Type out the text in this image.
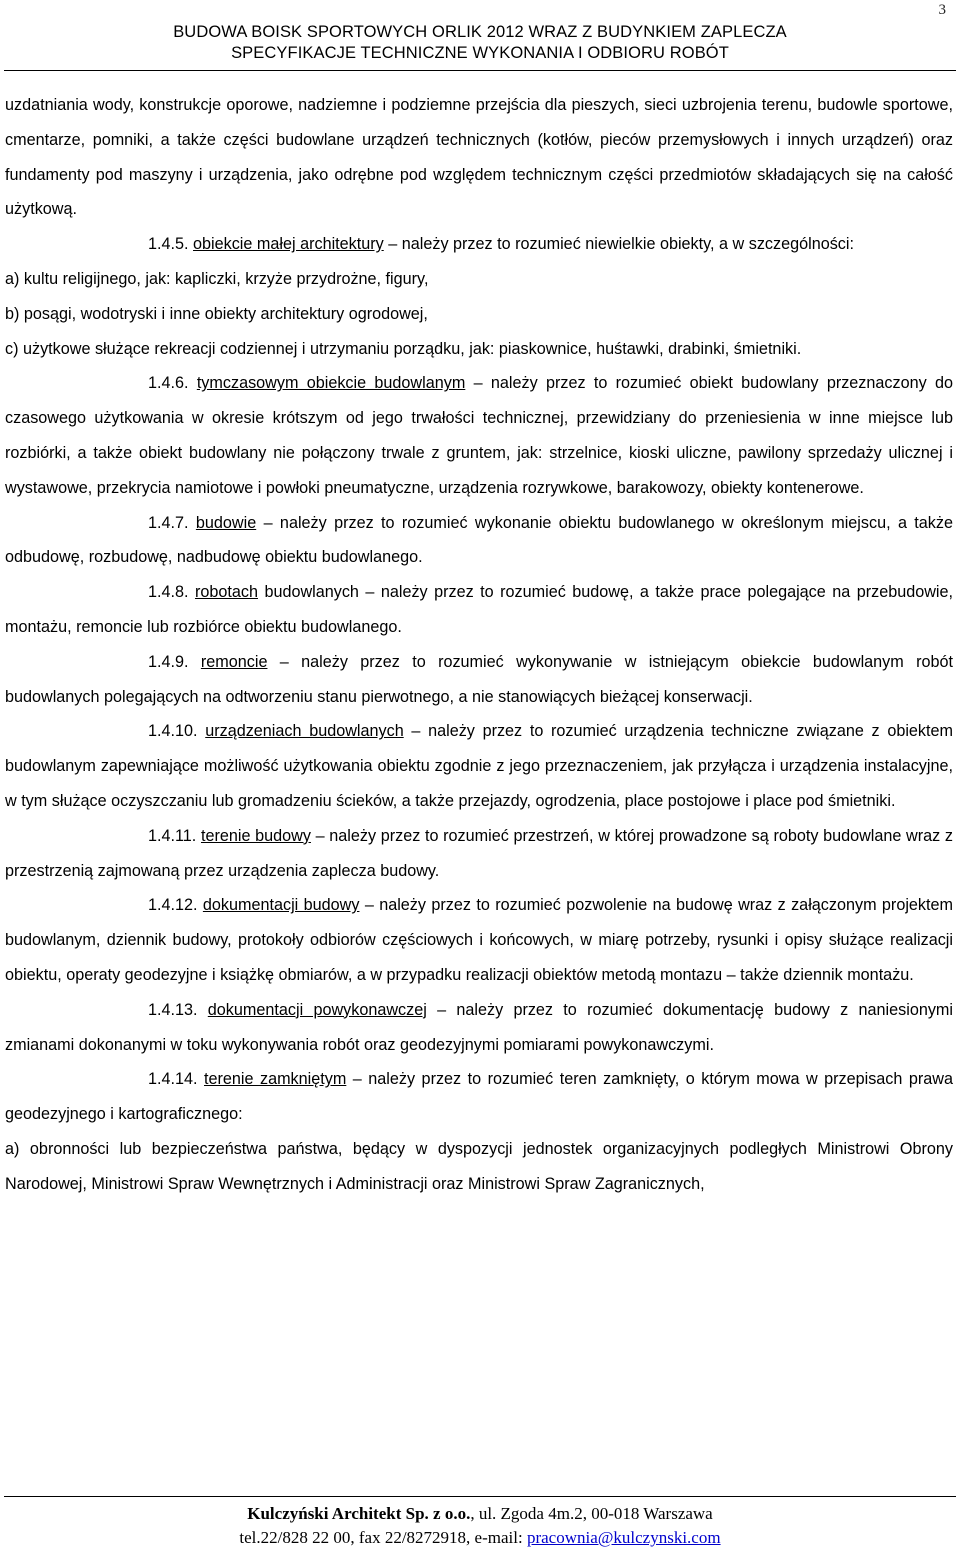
3
BUDOWA BOISK SPORTOWYCH ORLIK 2012 WRAZ Z BUDYNKIEM ZAPLECZA
SPECYFIKACJE TECHNICZNE WYKONANIA I ODBIORU ROBÓT

uzdatniania wody, konstrukcje oporowe, nadziemne i podziemne przejścia dla pieszych, sieci uzbrojenia terenu, budowle sportowe, cmentarze, pomniki, a także części budowlane urządzeń technicznych (kotłów, pieców przemysłowych i innych urządzeń) oraz fundamenty pod maszyny i urządzenia, jako odrębne pod względem technicznym części przedmiotów składających się na całość użytkową.

1.4.5. obiekcie małej architektury – należy przez to rozumieć niewielkie obiekty, a w szczególności:

a) kultu religijnego, jak: kapliczki, krzyże przydrożne, figury,

b) posągi, wodotryski i inne obiekty architektury ogrodowej,

c) użytkowe służące rekreacji codziennej i utrzymaniu porządku, jak: piaskownice, huśtawki, drabinki, śmietniki.

1.4.6. tymczasowym obiekcie budowlanym – należy przez to rozumieć obiekt budowlany przeznaczony do czasowego użytkowania w okresie krótszym od jego trwałości technicznej, przewidziany do przeniesienia w inne miejsce lub rozbiórki, a także obiekt budowlany nie połączony trwale z gruntem, jak: strzelnice, kioski uliczne, pawilony sprzedaży ulicznej i wystawowe, przekrycia namiotowe i powłoki pneumatyczne, urządzenia rozrywkowe, barakowozy, obiekty kontenerowe.

1.4.7. budowie – należy przez to rozumieć wykonanie obiektu budowlanego w określonym miejscu, a także odbudowę, rozbudowę, nadbudowę obiektu budowlanego.

1.4.8. robotach budowlanych – należy przez to rozumieć budowę, a także prace polegające na przebudowie, montażu, remoncie lub rozbiórce obiektu budowlanego.

1.4.9. remoncie – należy przez to rozumieć wykonywanie w istniejącym obiekcie budowlanym robót budowlanych polegających na odtworzeniu stanu pierwotnego, a nie stanowiących bieżącej konserwacji.

1.4.10. urządzeniach budowlanych – należy przez to rozumieć urządzenia techniczne związane z obiektem budowlanym zapewniające możliwość użytkowania obiektu zgodnie z jego przeznaczeniem, jak przyłącza i urządzenia instalacyjne, w tym służące oczyszczaniu lub gromadzeniu ścieków, a także przejazdy, ogrodzenia, place postojowe i place pod śmietniki.

1.4.11. terenie budowy – należy przez to rozumieć przestrzeń, w której prowadzone są roboty budowlane wraz z przestrzenią zajmowaną przez urządzenia zaplecza budowy.

1.4.12. dokumentacji budowy – należy przez to rozumieć pozwolenie na budowę wraz z załączonym projektem budowlanym, dziennik budowy, protokoły odbiorów częściowych i końcowych, w miarę potrzeby, rysunki i opisy służące realizacji obiektu, operaty geodezyjne i książkę obmiarów, a w przypadku realizacji obiektów metodą montazu – także dziennik montażu.

1.4.13. dokumentacji powykonawczej – należy przez to rozumieć dokumentację budowy z naniesionymi zmianami dokonanymi w toku wykonywania robót oraz geodezyjnymi pomiarami powykonawczymi.

1.4.14. terenie zamkniętym – należy przez to rozumieć teren zamknięty, o którym mowa w przepisach prawa geodezyjnego i kartograficznego:

a) obronności lub bezpieczeństwa państwa, będący w dyspozycji jednostek organizacyjnych podległych Ministrowi Obrony Narodowej, Ministrowi Spraw Wewnętrznych i Administracji oraz Ministrowi Spraw Zagranicznych,

Kulczyński Architekt Sp. z o.o., ul. Zgoda 4m.2, 00-018 Warszawa
tel.22/828 22 00, fax 22/8272918, e-mail: pracownia@kulczynski.com
